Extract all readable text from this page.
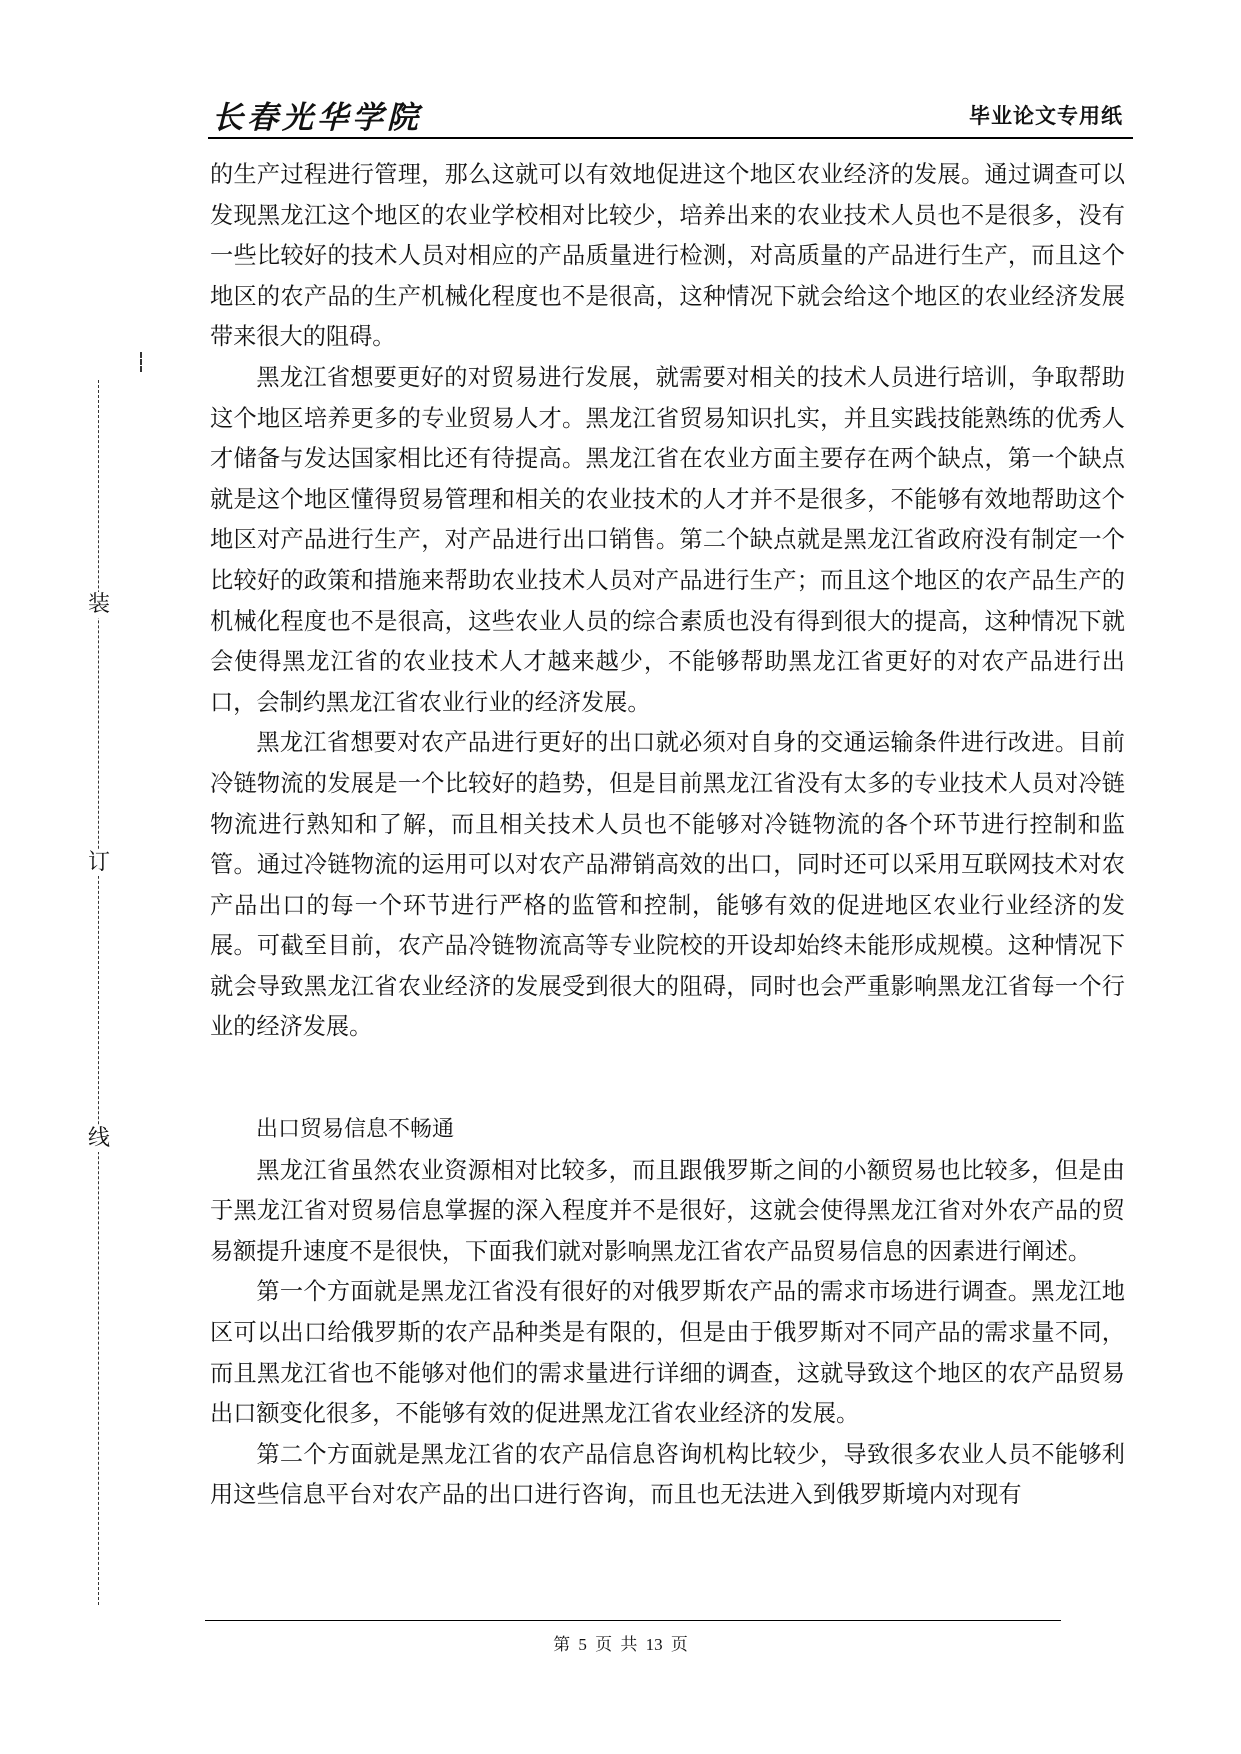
长春光华学院	毕业论文专用纸
装
订
线

的生产过程进行管理，那么这就可以有效地促进这个地区农业经济的发展。通过调查可以发现黑龙江这个地区的农业学校相对比较少，培养出来的农业技术人员也不是很多，没有一些比较好的技术人员对相应的产品质量进行检测，对高质量的产品进行生产，而且这个地区的农产品的生产机械化程度也不是很高，这种情况下就会给这个地区的农业经济发展带来很大的阻碍。

黑龙江省想要更好的对贸易进行发展，就需要对相关的技术人员进行培训，争取帮助这个地区培养更多的专业贸易人才。黑龙江省贸易知识扎实，并且实践技能熟练的优秀人才储备与发达国家相比还有待提高。黑龙江省在农业方面主要存在两个缺点，第一个缺点就是这个地区懂得贸易管理和相关的农业技术的人才并不是很多，不能够有效地帮助这个地区对产品进行生产，对产品进行出口销售。第二个缺点就是黑龙江省政府没有制定一个比较好的政策和措施来帮助农业技术人员对产品进行生产；而且这个地区的农产品生产的机械化程度也不是很高，这些农业人员的综合素质也没有得到很大的提高，这种情况下就会使得黑龙江省的农业技术人才越来越少，不能够帮助黑龙江省更好的对农产品进行出口，会制约黑龙江省农业行业的经济发展。

黑龙江省想要对农产品进行更好的出口就必须对自身的交通运输条件进行改进。目前冷链物流的发展是一个比较好的趋势，但是目前黑龙江省没有太多的专业技术人员对冷链物流进行熟知和了解，而且相关技术人员也不能够对冷链物流的各个环节进行控制和监管。通过冷链物流的运用可以对农产品滞销高效的出口，同时还可以采用互联网技术对农产品出口的每一个环节进行严格的监管和控制，能够有效的促进地区农业行业经济的发展。可截至目前，农产品冷链物流高等专业院校的开设却始终未能形成规模。这种情况下就会导致黑龙江省农业经济的发展受到很大的阻碍，同时也会严重影响黑龙江省每一个行业的经济发展。

出口贸易信息不畅通

黑龙江省虽然农业资源相对比较多，而且跟俄罗斯之间的小额贸易也比较多，但是由于黑龙江省对贸易信息掌握的深入程度并不是很好，这就会使得黑龙江省对外农产品的贸易额提升速度不是很快，下面我们就对影响黑龙江省农产品贸易信息的因素进行阐述。

第一个方面就是黑龙江省没有很好的对俄罗斯农产品的需求市场进行调查。黑龙江地区可以出口给俄罗斯的农产品种类是有限的，但是由于俄罗斯对不同产品的需求量不同，而且黑龙江省也不能够对他们的需求量进行详细的调查，这就导致这个地区的农产品贸易出口额变化很多，不能够有效的促进黑龙江省农业经济的发展。

第二个方面就是黑龙江省的农产品信息咨询机构比较少，导致很多农业人员不能够利用这些信息平台对农产品的出口进行咨询，而且也无法进入到俄罗斯境内对现有

第 5 页 共 13 页
